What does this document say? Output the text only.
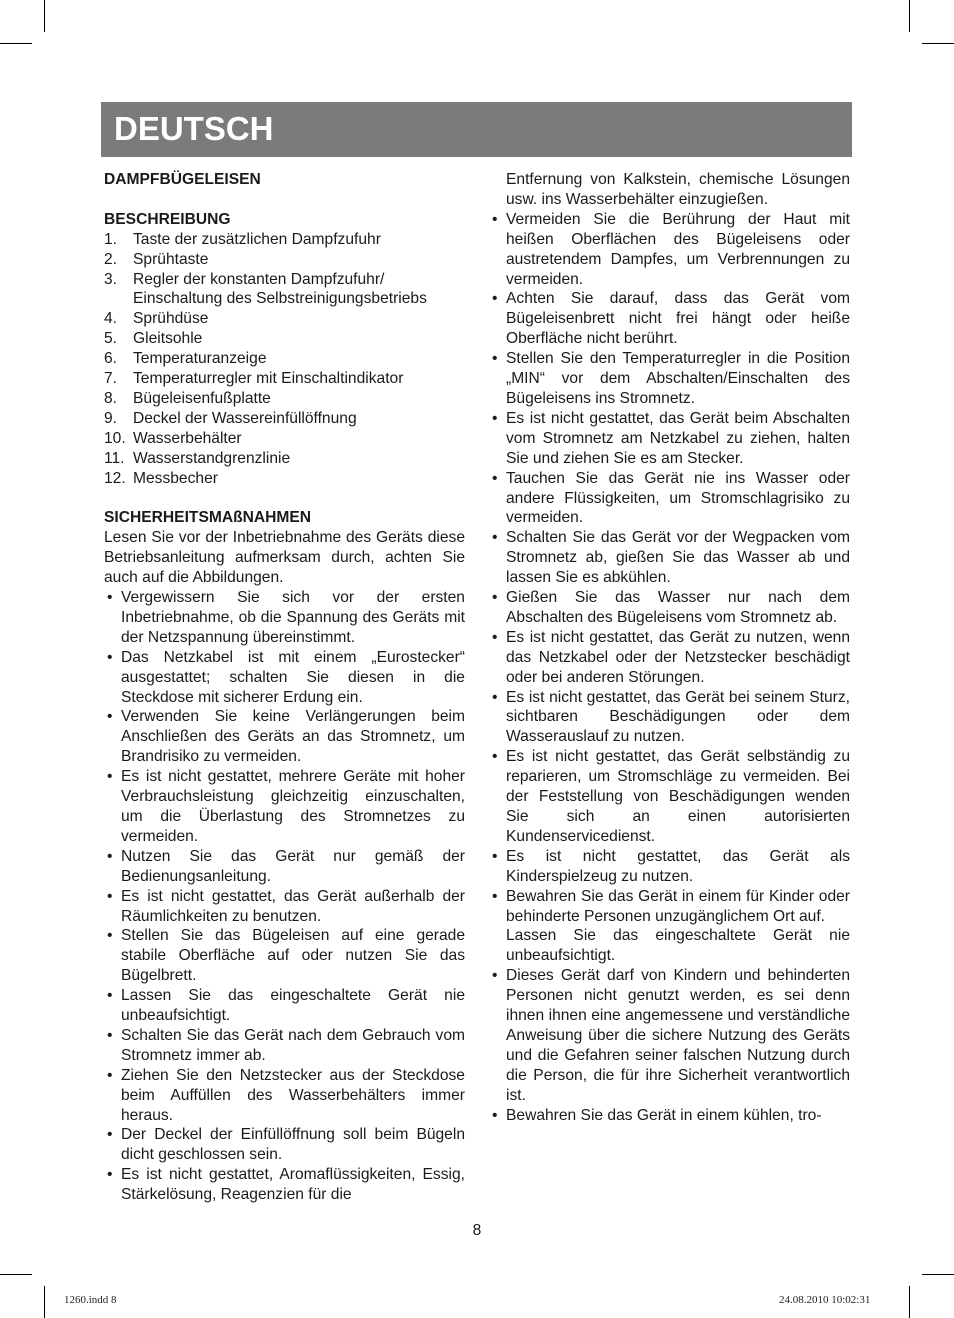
DEUTSCH

DAMPFBÜGELEISEN

BESCHREIBUNG

1.	Taste der zusätzlichen Dampfzufuhr
2.	Sprühtaste
3.	Regler der konstanten Dampfzufuhr/ Einschaltung des Selbstreinigungsbetriebs
4.	Sprühdüse
5.	Gleitsohle
6.	Temperaturanzeige
7.	Temperaturregler mit Einschaltindikator
8.	Bügeleisenfußplatte
9.	Deckel der Wassereinfüllöffnung
10. Wasserbehälter
11. Wasserstandgrenzlinie
12. Messbecher

SICHERHEITSMAßNAHMEN

Lesen Sie vor der Inbetriebnahme des Geräts diese Betriebsanleitung aufmerksam durch, achten Sie auch auf die Abbildungen.
• Vergewissern Sie sich vor der ersten Inbetriebnahme, ob die Spannung des Geräts mit der Netzspannung übereinstimmt.
• Das Netzkabel ist mit einem „Eurostecker“ ausgestattet; schalten Sie diesen in die Steckdose mit sicherer Erdung ein.
• Verwenden Sie keine Verlängerungen beim Anschließen des Geräts an das Stromnetz, um Brandrisiko zu vermeiden.
• Es ist nicht gestattet, mehrere Geräte mit hoher Verbrauchsleistung gleichzeitig einzuschalten, um die Überlastung des Stromnetzes zu vermeiden.
• Nutzen Sie das Gerät nur gemäß der Bedienungsanleitung.
• Es ist nicht gestattet, das Gerät außerhalb der Räumlichkeiten zu benutzen.
• Stellen Sie das Bügeleisen auf eine gerade stabile Oberfläche auf oder nutzen Sie das Bügelbrett.
• Lassen Sie das eingeschaltete Gerät nie unbeaufsichtigt.
• Schalten Sie das Gerät nach dem Gebrauch vom Stromnetz immer ab.
• Ziehen Sie den Netzstecker aus der Steckdose beim Auffüllen des Wasserbehälters immer heraus.
• Der Deckel der Einfüllöffnung soll beim Bügeln dicht geschlossen sein.
• Es ist nicht gestattet, Aromaflüssigkeiten, Essig, Stärkelösung, Reagenzien für die
Entfernung von Kalkstein, chemische Lösungen usw. ins Wasserbehälter einzugießen.
• Vermeiden Sie die Berührung der Haut mit heißen Oberflächen des Bügeleisens oder austretendem Dampfes, um Verbrennungen zu vermeiden.
• Achten Sie darauf, dass das Gerät vom Bügeleisenbrett nicht frei hängt oder heiße Oberfläche nicht berührt.
• Stellen Sie den Temperaturregler in die Position „MIN“ vor dem Abschalten/Einschalten des Bügeleisens ins Stromnetz.
• Es ist nicht gestattet, das Gerät beim Abschalten vom Stromnetz am Netzkabel zu ziehen, halten Sie und ziehen Sie es am Stecker.
• Tauchen Sie das Gerät nie ins Wasser oder andere Flüssigkeiten, um Stromschlagrisiko zu vermeiden.
• Schalten Sie das Gerät vor der Wegpacken vom Stromnetz ab, gießen Sie das Wasser ab und lassen Sie es abkühlen.
• Gießen Sie das Wasser nur nach dem Abschalten des Bügeleisens vom Stromnetz ab.
• Es ist nicht gestattet, das Gerät zu nutzen, wenn das Netzkabel oder der Netzstecker beschädigt oder bei anderen Störungen.
• Es ist nicht gestattet, das Gerät bei seinem Sturz, sichtbaren Beschädigungen oder dem Wasserauslauf zu nutzen.
• Es ist nicht gestattet, das Gerät selbständig zu reparieren, um Stromschläge zu vermeiden. Bei der Feststellung von Beschädigungen wenden Sie sich an einen autorisierten Kundenservicedienst.
• Es ist nicht gestattet, das Gerät als Kinderspielzeug zu nutzen.
• Bewahren Sie das Gerät in einem für Kinder oder behinderte Personen unzugänglichem Ort auf.
Lassen Sie das eingeschaltete Gerät nie unbeaufsichtigt.
• Dieses Gerät darf von Kindern und behinderten Personen nicht genutzt werden, es sei denn ihnen ihnen eine angemessene und verständliche Anweisung über die sichere Nutzung des Geräts und die Gefahren seiner falschen Nutzung durch die Person, die für ihre Sicherheit verantwortlich ist.
• Bewahren Sie das Gerät in einem kühlen, tro-
8
1260.indd 8	24.08.2010 10:02:31
